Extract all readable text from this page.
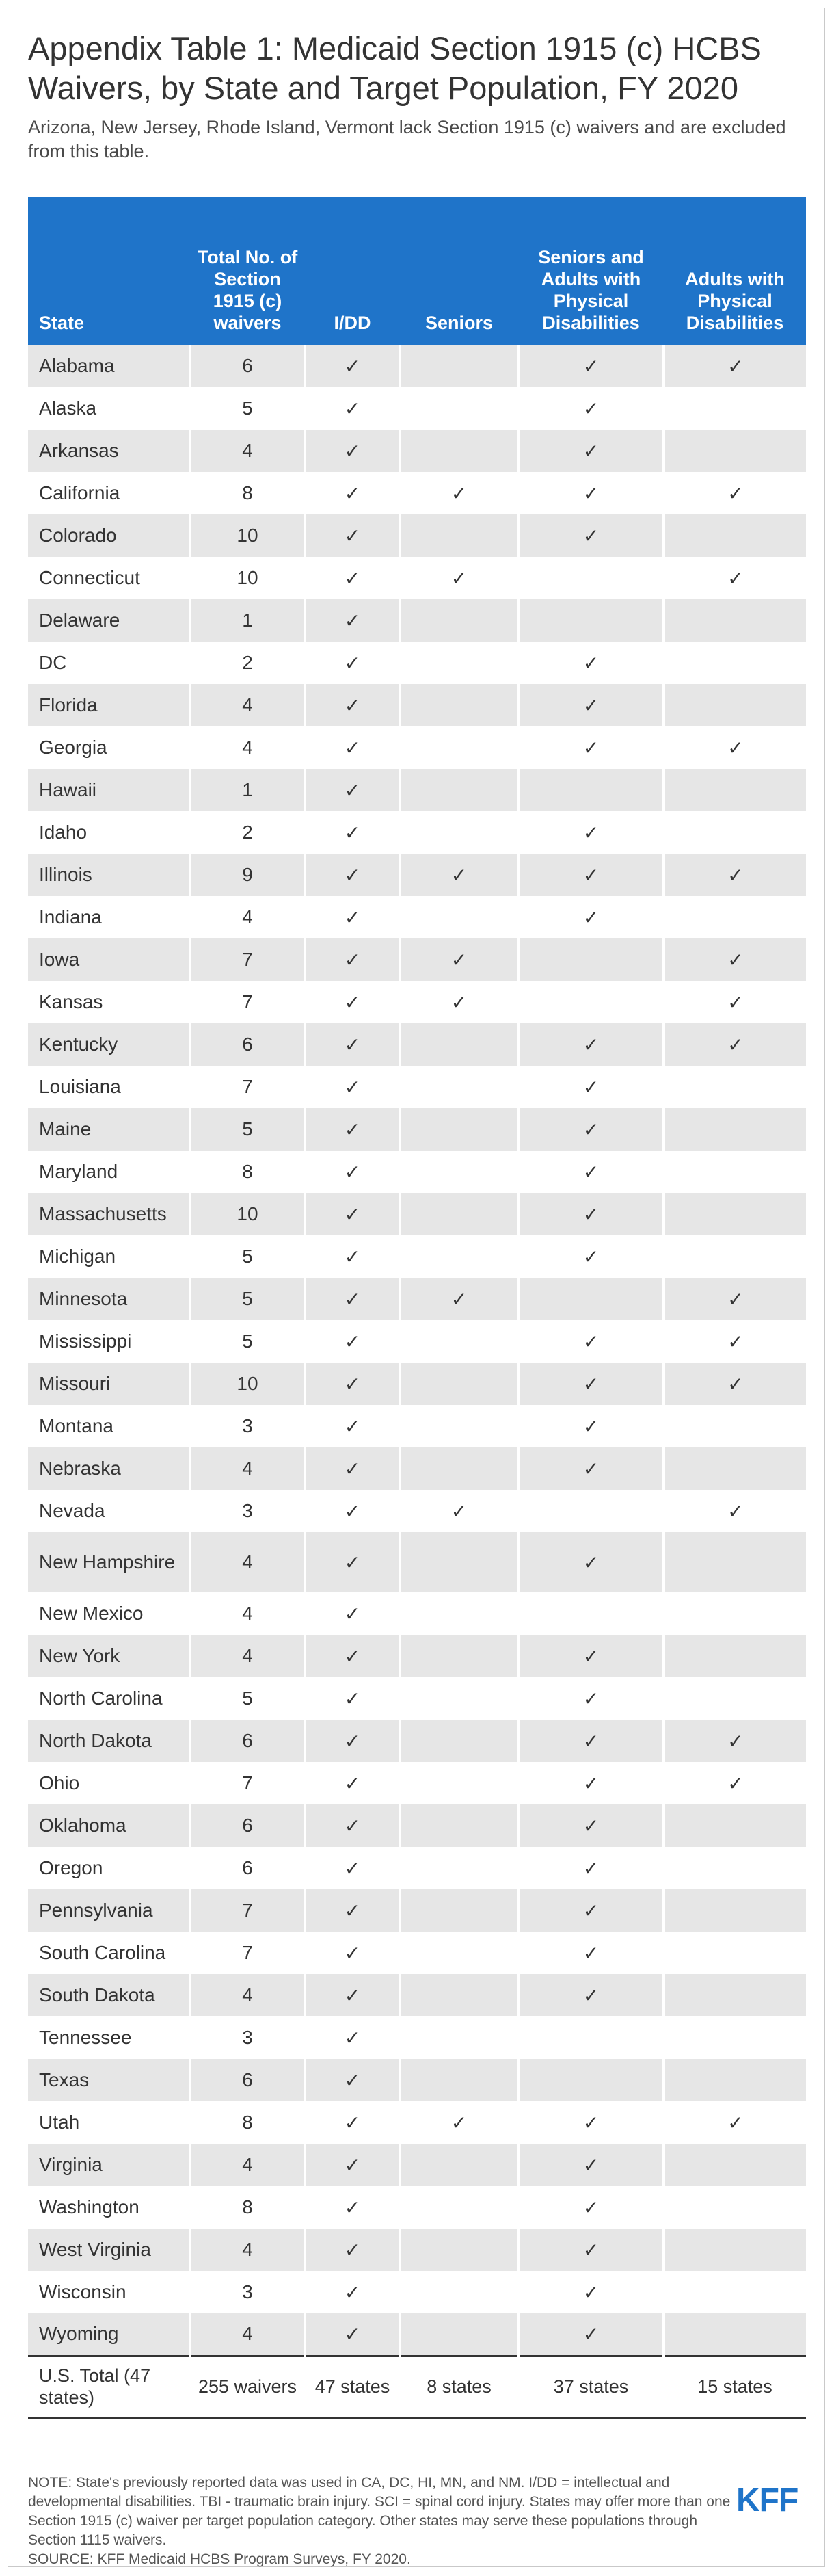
Appendix Table 1: Medicaid Section 1915 (c) HCBS Waivers, by State and Target Population, FY 2020

Arizona, New Jersey, Rhode Island, Vermont lack Section 1915 (c) waivers and are excluded from this table.

State	Total No. of Section 1915 (c) waivers	I/DD	Seniors	Seniors and Adults with Physical Disabilities	Adults with Physical Disabilities
Alabama	6	✓		✓	✓
Alaska	5	✓		✓	
Arkansas	4	✓		✓	
California	8	✓	✓	✓	✓
Colorado	10	✓		✓	
Connecticut	10	✓	✓		✓
Delaware	1	✓			
DC	2	✓		✓	
Florida	4	✓		✓	
Georgia	4	✓		✓	✓
Hawaii	1	✓			
Idaho	2	✓		✓	
Illinois	9	✓	✓	✓	✓
Indiana	4	✓		✓	
Iowa	7	✓	✓		✓
Kansas	7	✓	✓		✓
Kentucky	6	✓		✓	✓
Louisiana	7	✓		✓	
Maine	5	✓		✓	
Maryland	8	✓		✓	
Massachusetts	10	✓		✓	
Michigan	5	✓		✓	
Minnesota	5	✓	✓		✓
Mississippi	5	✓		✓	✓
Missouri	10	✓		✓	✓
Montana	3	✓		✓	
Nebraska	4	✓		✓	
Nevada	3	✓	✓		✓
New Hampshire	4	✓		✓	
New Mexico	4	✓			
New York	4	✓		✓	
North Carolina	5	✓		✓	
North Dakota	6	✓		✓	✓
Ohio	7	✓		✓	✓
Oklahoma	6	✓		✓	
Oregon	6	✓		✓	
Pennsylvania	7	✓		✓	
South Carolina	7	✓		✓	
South Dakota	4	✓		✓	
Tennessee	3	✓			
Texas	6	✓			
Utah	8	✓	✓	✓	✓
Virginia	4	✓		✓	
Washington	8	✓		✓	
West Virginia	4	✓		✓	
Wisconsin	3	✓		✓	
Wyoming	4	✓		✓	
U.S. Total (47 states)	255 waivers	47 states	8 states	37 states	15 states

NOTE: State's previously reported data was used in CA, DC, HI, MN, and NM. I/DD = intellectual and developmental disabilities. TBI - traumatic brain injury. SCI = spinal cord injury. States may offer more than one Section 1915 (c) waiver per target population category. Other states may serve these populations through Section 1115 waivers.
SOURCE: KFF Medicaid HCBS Program Surveys, FY 2020.

KFF
